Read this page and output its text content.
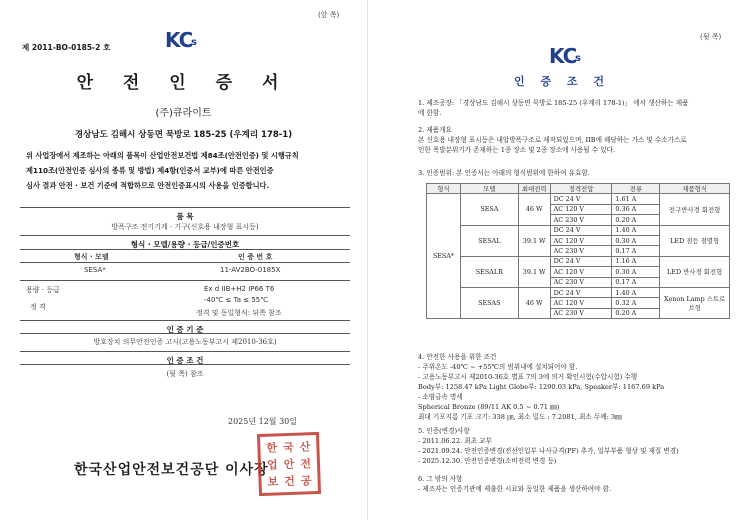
(앞 쪽)
KC
s
제 2011-BO-0185-2 호
안 전 인 증 서
(주)큐라이트
경상남도 김해시 상동면 묵방로 185-25 (우계리 178-1)
위 사업장에서 제조하는 아래의 품목이 산업안전보건법 제84조(안전인증) 및 시행규칙
제110조(안전인증 심사의 종류 및 방법) 제4항(인증서 교부)에 따른 안전인증
심사 결과 안전 · 보건 기준에 적합하므로 안전인증표시의 사용을 인증합니다.
품 목
방폭구조 전기기계 · 기구(신호용 내장형 표시등)
형식 · 모델/용량 · 등급/인증번호
형식 · 모델	인 증 번 호
SESA*	11-AV2BO-0185X
용량 · 등급
정 격
Ex d IIB+H2 IP66 T6
-40℃ ≤ Ta ≤ 55℃
정격 및 동일형식: 뒤쪽 참조
인 증 기 준
방호장치 의무안전인증 고시(고용노동부고시 제2010-36호)
인 증 조 건
(뒷 쪽) 참조
2025년 12월 30일
한국산업안전보건공단 이사장
한 국 산
업 안 전
보 건 공
(뒷 쪽)
KC
s
인 증 조 건
1. 제조공장: 「경상남도 김해시 상동면 묵방로 185-25 (우계리 178-1)」 에서 생산하는 제품
에 한함.
2. 제품개요
본 신호용 내장형 표시등은 내압방폭구조로 제작되었으며, IIB에 해당하는 가스 및 수소가스로
인한 폭발분위기가 존재하는 1종 장소 및 2종 장소에 사용될 수 있다.
3. 인증범위: 본 인증서는 아래의 형식범위에 한하여 유효함.
형식	모델	최대전력	정격전압	전류	제품형식
SESA*	SESA	46 W	DC 24 V	1.61 A	전구반사경 회전형
			AC 120 V	0.36 A	
			AC 230 V	0.20 A	
	SESAL	39.1 W	DC 24 V	1.40 A	LED 점등 점멸형
			AC 120 V	0.30 A	
			AC 230 V	0.17 A	
	SESALR	39.1 W	DC 24 V	1.16 A	LED 반사경 회전형
			AC 120 V	0.30 A	
			AC 230 V	0.17 A	
	SESAS	46 W	DC 24 V	1.40 A	Xenon Lamp 스트로브형
			AC 120 V	0.32 A	
			AC 230 V	0.20 A	
4. 안전한 사용을 위한 조건
- 주위온도 -40℃ ~ +55℃의 범위내에 설치되어야 함.
- 고용노동부고시 제2010-36호 별표 7의 3에 의거 확인시험(수압시험) 수행
Body부: 1258.47 kPa Light Globe부: 1290.03 kPa, Speaker부: 1167.69 kPa
- 소염금속 명세
Spherical Bronze (89/11 AK 0.5 ~ 0.71 ㎜)
최대 기포지름 기포 크기: 338 ㎛, 최소 밀도 : 7.2081, 최소 두께: 3㎜
5. 인증(변경)사항
- 2011.06.22. 최초 교부
- 2021.09.24. 안전인증변경(전선인입부 나사규격(PF) 추가, 일부부품 형상 및 재질 변경)
- 2025.12.30. 안전인증변경(소비전력 변경 등)
6. 그 밖의 사항
- 제조자는 인증기관에 제출한 시료와 동일한 제품을 생산하여야 함.
